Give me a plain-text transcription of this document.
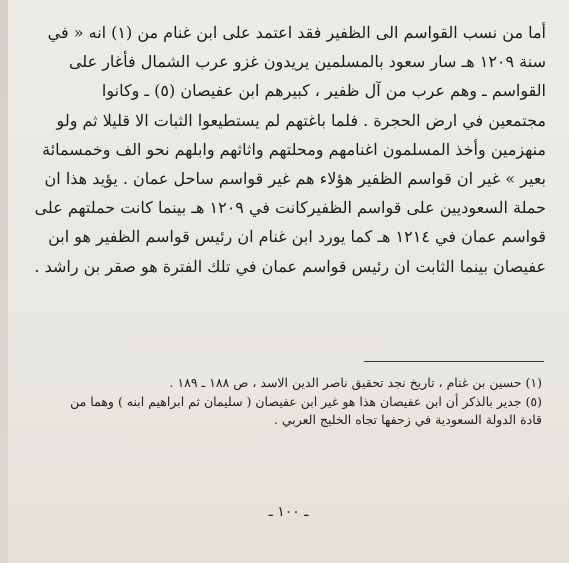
أما من نسب القواسم الى الظفير فقد اعتمد على ابن غنام من (١) انه « في
سنة ١٢٠٩ هـ سار سعود بالمسلمين يريدون غزو عرب الشمال فأغار على
القواسم ـ وهم عرب من آل ظفير ، كبيرهم ابن عفيصان (٥) ـ وكانوا
مجتمعين في ارض الحجرة . فلما باغتهم لم يستطيعوا الثبات الا قليلا ثم ولو
منهزمين وأخذ المسلمون اغنامهم ومحلتهم واثاثهم وابلهم نحو الف وخمسمائة
بعير » غير ان قواسم الظفير هؤلاء هم غير قواسم ساحل عمان . يؤيد هذا ان
حملة السعوديين على قواسم الظفيركانت في ١٢٠٩ هـ بينما كانت حملتهم على
قواسم عمان في ١٢١٤ هـ كما يورد ابن غنام ان رئيس قواسم الظفير هو ابن
عفيصان بينما الثابت ان رئيس قواسم عمان في تلك الفترة هو صقر بن راشد .
(١) حسين بن غنام ، تاريخ نجد تحقيق ناصر الدين الاسد ، ص ١٨٨ ـ ١٨٩ .
(٥) جدير بالذكر أن ابن عفيصان هذا هو غير ابن عفيصان ( سليمان ثم ابراهيم ابنه ) وهما من
قادة الدولة السعودية في زحفها تجاه الخليج العربي .
ـ ١٠٠ ـ
